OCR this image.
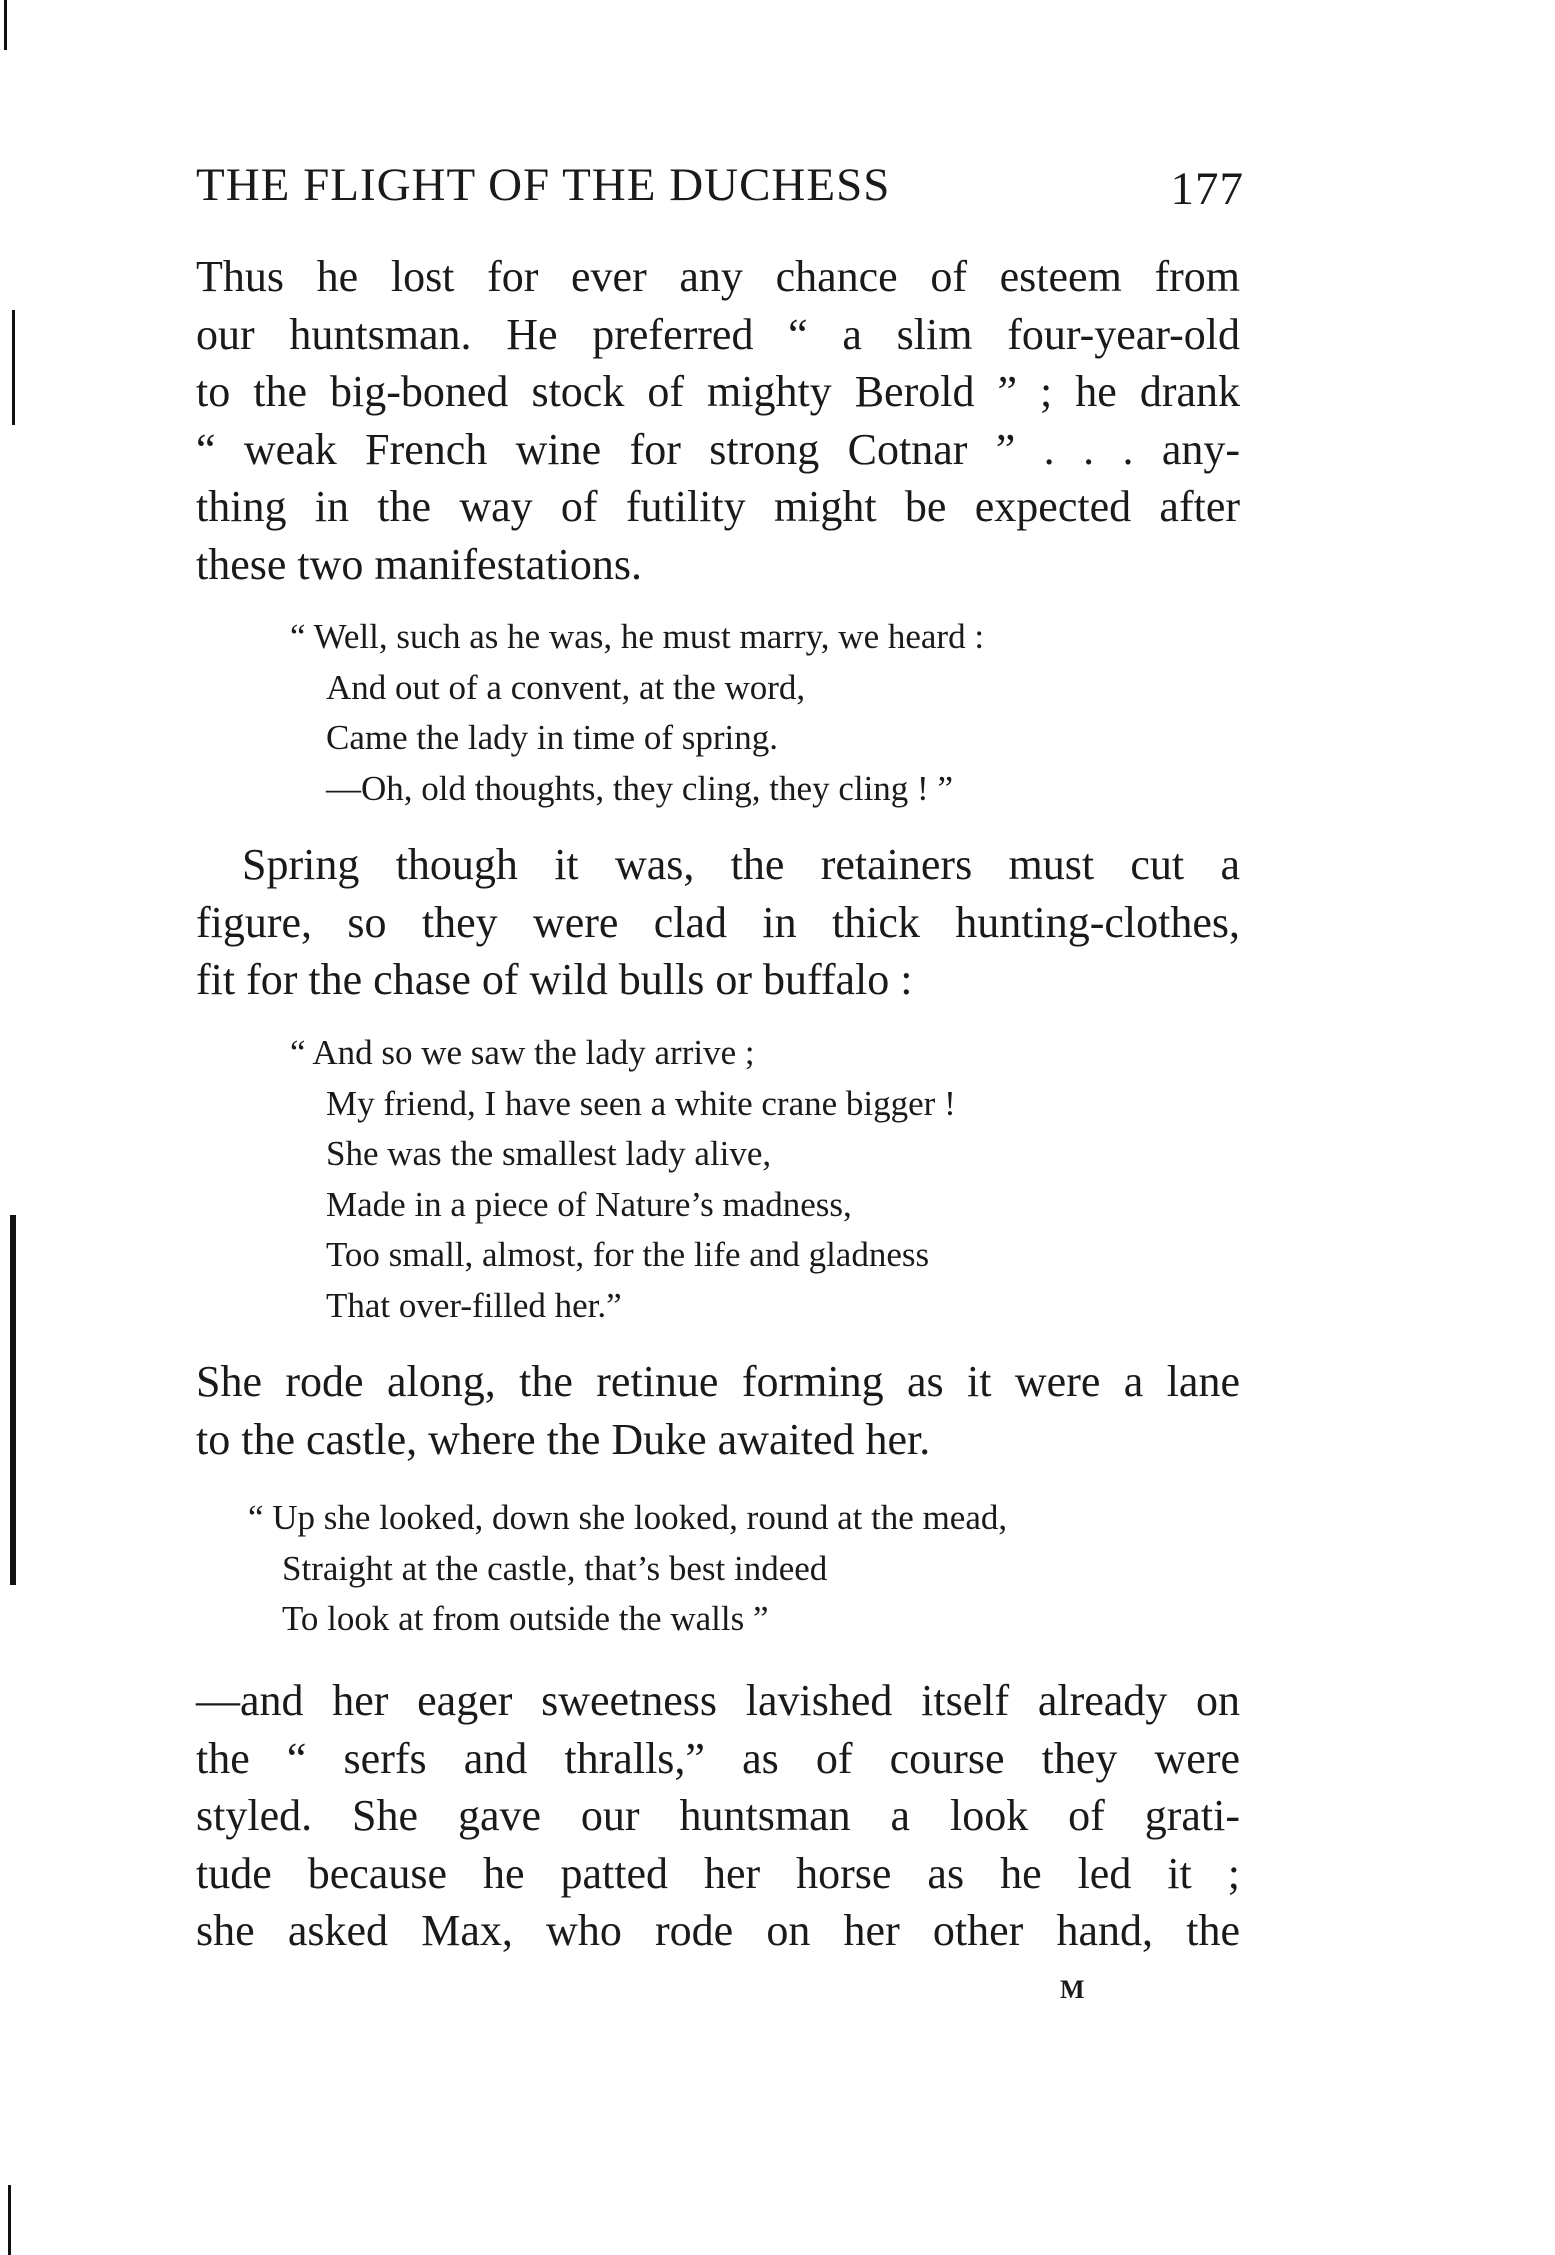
THE FLIGHT OF THE DUCHESS	177
Thus he lost for ever any chance of esteem from
our huntsman. He preferred “ a slim four-year-old
to the big-boned stock of mighty Berold ” ; he drank
“ weak French wine for strong Cotnar ” . . . any-
thing in the way of futility might be expected after
these two manifestations.
“ Well, such as he was, he must marry, we heard :
And out of a convent, at the word,
Came the lady in time of spring.
—Oh, old thoughts, they cling, they cling ! ”
Spring though it was, the retainers must cut a
figure, so they were clad in thick hunting-clothes,
fit for the chase of wild bulls or buffalo :
“ And so we saw the lady arrive ;
My friend, I have seen a white crane bigger !
She was the smallest lady alive,
Made in a piece of Nature’s madness,
Too small, almost, for the life and gladness
That over-filled her.”
She rode along, the retinue forming as it were a lane
to the castle, where the Duke awaited her.
“ Up she looked, down she looked, round at the mead,
Straight at the castle, that’s best indeed
To look at from outside the walls ”
—and her eager sweetness lavished itself already on
the “ serfs and thralls,” as of course they were
styled. She gave our huntsman a look of grati-
tude because he patted her horse as he led it ;
she asked Max, who rode on her other hand, the
M
